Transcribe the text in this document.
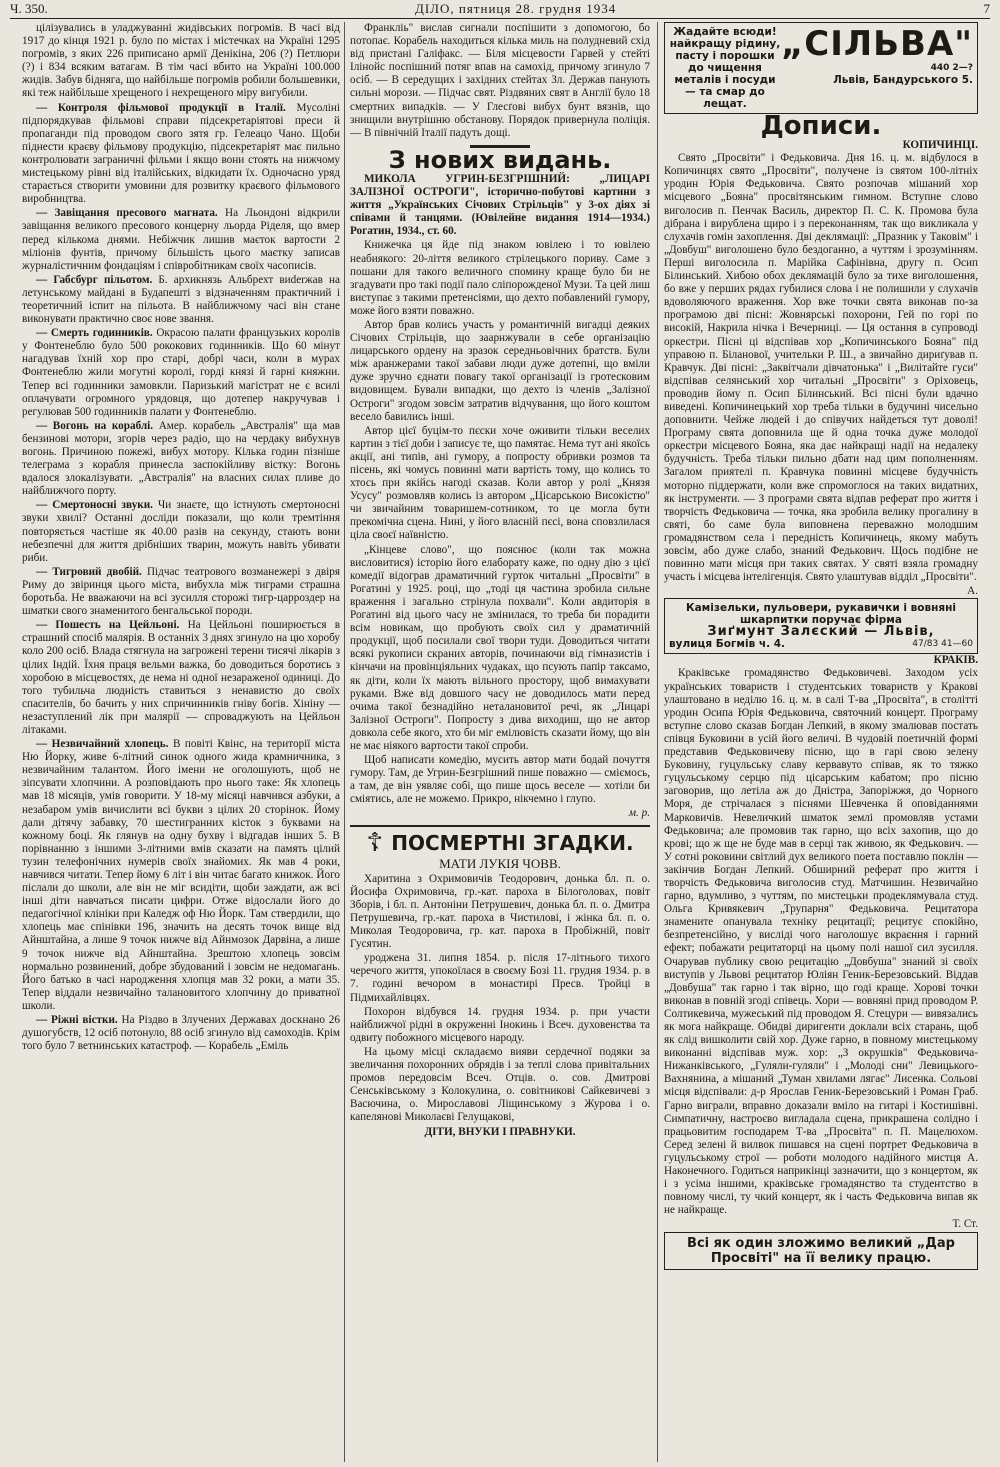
Ч. 350.	ДІЛО, пятниця 28. грудня 1934	7

цілізувались в уладжуванні жидівських погромів. В часі від 1917 до кінця 1921 р. було по містах і містечках на Україні 1295 погромів, з яких 226 приписано армії Денікіна, 206 (?) Петлюри (?) і 834 всяким ватагам. В тім часі вбито на Україні 100.000 жидів. Забув бідняга, що найбільше погромів робили большевики, які теж найбільше хрещеного і нехрещеного міру вигубили.

— Контроля фільмової продукції в Італії. Мусоліні підпорядкував фільмові справи підсекретаріятові преси й пропаганди під проводом свого зятя гр. Гелеацо Чано. Щоби піднести краєву фільмову продукцію, підсекретаріят має пильно контролювати заграничні фільми і якщо вони стоять на нижчому мистецькому рівні від італійських, відкидати їх. Одночасно уряд старається створити умовини для розвитку краєвого фільмового виробництва.

— Завіщання пресового магната. На Льондоні відкрили завіщання великого пресового концерну льорда Рiделя, що вмер перед кількома днями. Небіжчик лишив маєток вартости 2 мілiонів фунтів, причому більшість цього маєтку записав журналістичним фондаціям і співробітникам своїх часописів.

— Габсбург пільотом. Б. архикнязь Альбрехт виderжав на летунському майдані в Будапешті з відзначенням практичний і теоретичний іспит на пільота. В найближчому часі він стане виконувати практично своє нове звання.

— Смерть годинників. Окрасою палати французьких королів у Фонтенеблю було 500 рококових годинників. Що 60 мінут нагадував їхній хор про старі, добрі часи, коли в мурах Фонтенеблю жили могутні королі, горді князі й гарні княжни. Тепер всі годинники замовкли. Паризький магістрат не є всилі оплачувати огромного урядовця, що дотепер накручував і регулював 500 годинників палати у Фонтенеблю.

— Вогонь на кораблі. Амер. корабель „Австралія" ща мав бензинові мотори, згорів через радіо, що на чердаку вибухнув вогонь. Причиною пожежі, вибух мотору. Кілька годин пізніше телеграма з корабля принесла заспокійливу вістку: Вогонь вдалося злокалізувати. „Австралія" на власних силах пливе до найближчого порту.

— Смертоносні звуки. Чи знаєте, що істнують смертоносні звуки хвилі? Останні досліди показали, що коли тремтіння повторяється частіше як 40.00 разів на секунду, стають вони небезпечні для життя дрібніших тварин, можуть навіть убивати риби.

— Тигровий двобій. Підчас театрового возманежері з двіря Риму до звіринця цього міста, вибухла між тиграми страшна боротьба. Не вважаючи на всі зусилля сторожі тигр-царроздер на шматки свого знаменитого бенгальської породи.

— Пошесть на Цейльоні. На Цейльоні поширюється в страшний спосіб малярія. В останніх 3 днях згинуло на цю хоробу коло 200 осіб. Влада стягнула на загрожені терени тисячі лікарів з цілих Індій. Їхня праця вельми важка, бо доводиться боротись з хоробою в місцевостях, де нема ні одної незараженої одиниці. До того тубильча людність ставиться з ненавистю до своїх спасителів, бо бачить у них спричинників гніву богів. Хініну — незаступлений лік при малярії — спроваджують на Цейльон літаками.

— Незвичайний хлопець. В повіті Квінс, на території міста Ню Йорку, живе 6-літний синок одного жида крамничника, з незвичайним талантом. Його імени не оголошують, щоб не зіпсувати хлопчини. А розповідають про нього таке: Як хлопець мав 18 місяців, умів говорити. У 18-му місяці навчився азбуки, а незабаром умів вичислити всі букви з цілих 20 сторінок. Йому дали дітячу забавку, 70 шестигранних кісток з буквами на кожному боці. Як глянув на одну бухву і відгадав інших 5. В порівнанню з іншими 3-літними вмів сказати на память цілий тузин телефонічних нумерів своїх знайомих. Як мав 4 роки, навчився читати. Тепер йому 6 літ і він читає багато книжок. Його післали до школи, але він не міг всидіти, щоби заждати, аж всі інші діти навчаться писати цифри. Отже відослали його до педагогічної клініки при Каледж оф Ню Йорк. Там ствердили, що хлопець має спінівки 196, значить на десять точок вище від Айнштайна, а лише 9 точок нижче від Айнмозок Дарвіна, а лише 9 точок нижче від Айнштайна. Зрештою хлопець зовсім нормально розвинений, добре збудований і зовсім не недомагань. Його батько в часі народження хлопця мав 32 роки, а мати 35. Тепер віддали незвичайно талановитого хлопчину до приватної школи.

— Ріжні вістки. На Різдво в Злучених Державах доскнано 26 душогубств, 12 осіб потонуло, 88 осіб згинуло від самоходів. Крім того було 7 ветнинських катастроф. — Корабель „Еміль

Франкліь" вислав сигнали поспішити з допомогою, бо потопає. Корабель находиться кілька миль на полудневий схід від пристані Галіфакс. — Біля місцевости Гарвей у стейті Ілінойс поспішний потяг впав на самохід, причому згинуло 7 осіб. — В середущих і західних стейтах Зл. Держав панують сильні морози. — Підчас свят. Різдвяних свят в Англії було 18 смертних випадків. — У Глесґові вибух бунт вязнів, що знищили внутрішню обстанову. Порядок привернула поліція. — В північній Італії падуть дощі.

З нових видань.

МИКОЛА УГРИН-БЕЗГРІШНИЙ: „ЛИЦАРІ ЗАЛІЗНОЇ ОСТРОГИ", історично-побутові картини з життя „Українських Січових Стрільців" у 3-ох діях зі співами й танцями. (Ювілейне видання 1914—1934.) Рогатин, 1934., ст. 60.

Книжечка ця йде під знаком ювілею і то ювілею неабиякого: 20-ліття великого стрілецького пориву. Саме з пошани для такого величного спомину краще було би не згадувати про такі події пало сліпорожденої Музи. Та цей лиш виступає з такими претенсіями, що дехто побавленийі гумору, може його взяти поважно.

Автор брав колись участь у романтичній вигадці деяких Січових Стрільців, що заарнжували в себе організацію лицарського ордену на зразок середньовічних братств. Були між аранжерами такої забави люди дуже дотепні, що вміли дуже зручно єднати повагу такої організації із гротесковим видовищем. Бували випадки, що дехто із членів „Залізної Остроги" згодом зовсім затратив відчування, що його коштом весело бавились інші.

Автор цієї буцім-то пєски хоче оживити тільки веселих картин з тієї доби і записує те, що памятає. Нема тут ані якоїсь акції, ані типів, ані гумору, а попросту обривки розмов та пісень, які чомусь повинні мати вартість тому, що колись то хтось при якійсь нагоді сказав. Коли автор у ролі „Князя Усусу" розмовляв колись із автором „Цісарською Високістю" чи звичайним товаришем-сотником, то це могла бути прекомічна сцена. Нині, у його власній пєсі, вона сповзлилася ціла своєї наївністю.

„Кінцеве слово", що пояснює (коли так можна висловитися) історію його елаборату каже, по одну дію з цієї комедії відограв драматичний гурток читальні „Просвіти" в Рогатині у 1925. році, що „тоді ця частина зробила сильне враження і загально стрінула похвали". Коли авдиторія в Рогатині від цього часу не змінилася, то треба би порадити всім новикам, що пробують своїх сил у драматичній продукції, щоб посилали свої твори туди. Доводиться читати всякі рукописи скраних авторів, починаючи від гімназистів і кінчачи на провінціяльних чудаках, що псують папір таксамо, як діти, коли їх мають вільного простору, щоб вимахувати руками. Вже від довшого часу не доводилось мати перед очима такої безнадійно неталановитої речі, як „Лицарі Залізної Остроги". Попросту з дива виходиш, що не автор довкола себе якого, хто би міг емілювість сказати йому, що він не має ніякого вартости такої спроби.

Щоб написати комедію, мусить автор мати бодай почуття гумору. Там, де Угрин-Безгрішний пише поважно — сміємось, а там, де він уявляє собі, що пише щось веселе — хотіли би сміятись, але не можемо. Прикро, нікчемно і глупо.

м. р.
☦ ПОСМЕРТНІ ЗГАДКИ.
МАТИ ЛУКІЯ ЧОВВ.

Харитина з Охримовичів Теодорович, донька бл. п. о. Йосифа Охримовича, гр.-кат. пароха в Білоголовах, повіт Зборів, і бл. п. Антоніни Петрушевич, донька бл. п. о. Дмитра Петрушевича, гр.-кат. пароха в Чистилові, і жінка бл. п. о. Миколая Теодоровича, гр. кат. пароха в Пробіжній, повіт Гусятин.

уроджена 31. липня 1854. р. після 17-літнього тихого черечого життя, упокоїлася в своєму Бозі 11. грудня 1934. р. в 7. годині вечором в монастирі Пресв. Тройці в Підмихайлівцях.

Похорон відбувся 14. грудня 1934. р. при участи найближчої рідні в окруженні Інокинь і Всеч. духовенства та одвиту побожного місцевого народу.

На цьому місці складаємо вияви сердечної подяки за звеличання похоронних обрядів і за теплі слова привітальних промов передовсім Всеч. Отців. о. сов. Дмитрові Сенськівському з Колокулина, о. совітникові Сайкевичеві з Васючина, о. Мирославові Ліщинському з Журова і о. капелянові Миколаєві Гелущакові,

ДІТИ, ВНУКИ І ПРАВНУКИ.
Жадайте всюди!
найкращу рідину, пасту і порошки до чищення металів і посуди — та смар до лещат.
„СІЛЬВА"
440 2—?
Львів, Бандурського 5.
Дописи.
КОПИЧИНЦІ.

Свято „Просвіти" і Федьковича. Дня 16. ц. м. відбулося в Копичинцях свято „Просвіти", получене із святом 100-літніх уродин Юрія Федьковича. Свято розпочав мішаний хор місцевого „Бояна" просвітянським гимном. Вступне слово виголосив п. Пенчак Василь, директор П. С. К. Промова була дібрана і вирублена щиро і з переконанням, так що викликала у слухачів гомін захоплення. Дві деклямації: „Празник у Таковім" і „Довбуш" виголошено було бездоганно, а чуттям і зрозумінням. Перші виголосила п. Марійка Сафінівна, другу п. Осип Білинський. Хибою обох деклямацій було за тихе виголошення, бо вже у перших рядах губилися слова і не полишили у слухачів вдоволяючого враження. Хор вже точки свята виконав по-за програмою дві пісні: Жовнярські похорони, Гей по горі по високій, Накрила нічка і Вечерниці. — Ця остання в супроводі оркестри. Пісні ці відспівав хор „Копичинського Бояна" під управою п. Біланової, учительки Р. Ш., а звичайно дириґував п. Кравчук. Дві пісні: „Заквітчали дівчатонька" і „Вилітайте гуси" відспівав селянський хор читальні „Просвіти" з Оріховець, проводив йому п. Осип Білинський. Всі пісні були вдачно виведені. Копичинецький хор треба тільки в будучині чисельно доповнити. Чейже людей і до співучих найдеться тут доволі! Програму свята доповнила ще й одна точка дуже молодої оркестри місцевого Бояна, яка дає найкращі надії на недалеку будучність. Треба тільки пильно дбати над цим пополненням. Загалом приятелі п. Кравчука повинні місцеве будучність моторно піддержати, коли вже спромоглося на таких видатних, як інструменти. — З програми свята відпав реферат про життя і творчість Федьковича — точка, яка зробила велику прогалину в святі, бо саме була виповнена переважно молодшим громадянством села і передність Копичинець, якому мабуть зовсім, або дуже слабо, знаний Федькович. Щось подібне не повинно мати місця при таких святах. У святі взяла громадну участь і місцева інтелігенція. Свято улаштував відділ „Просвіти".

А.
Камізельки, пульовери, рукавички і вовняні шкарпитки поручає фірма
Зиґмунт Залєский — Львів,
вулиця Богмів ч. 4.	47/83 41—60
КРАКІВ.

Краківське громадянство Федьковичеві. Заходом усіх українських товариств і студентських товариств у Кракові улаштовано в неділю 16. ц. м. в салі Т-ва „Просвіта", в столітті уродин Осипа Юрія Федьковича, святочний концерт. Програму вступне слово сказав Богдан Лепкий, в якому змалював постать співця Буковини в усій його величі. В чудовій поетичній формі представив Федьковичеву пісню, що в гарі свою зелену Буковину, гуцульську славу кервавуто співав, як то тяжко гуцульському серцю під цісарським кабатом; про пісню заговорив, що летіла аж до Дністра, Запоріжжя, до Чорного Моря, де стрічалася з піснями Шевченка й оповіданнями Марковичів. Невеличкий шматок землі промовляв устами Федьковича; але промовив так гарно, що всіх захопив, що до крові; що ж ще не буде мав в серці так живою, як Федькович. — У сотні роковини світлий дух великого поета поставлю поклін — закінчив Богдан Лепкий. Обширний реферат про життя і творчість Федьковича виголосив студ. Матчишин. Незвичайно гарно, вдумливо, з чуттям, по мистецьки продеклямувала студ. Ольга Кривякевич „Трупарня" Федьковича. Рецитатора знамените опанувала техніку рецитації; рецитує спокійно, безпретенсійно, у висліді чого наголошує вкраєння і гарний ефект; побажати рецитаторці на цьому полі нашої сил зусилля. Очарував публику свою рецитацію „Довбуша" знаний зі своїх виступів у Львові рецитатор Юліян Геник-Березовський. Віддав „Довбуша" так гарно і так вірно, що годі краще. Хорові точки виконав в повній згоді співець. Хори — вовняні прид проводом Р. Солтикевича, мужеський під проводом Я. Стецури — вивязались як мога найкраще. Обидві диригенти доклали всіх старань, щоб як слід вишколити свій хор. Дуже гарно, в повному мистецькому виконанні відспівав муж. хор: „З окрушків" Федьковича-Нижанківського, „Гуляли-гуляли" і „Молоді сни" Левицького-Вахнянина, а мішаний „Туман хвилами лягає" Лисенка. Сольові місця відспівали: д-р Ярослав Геник-Березовський і Роман Граб. Гарно виграли, вправно доказали вміло на гитарі і Костишівні. Симпатичну, настроєво вигладала сцена, прикрашена солідно і працьовитим господарем Т-ва „Просвіта" п. П. Мацелюхом. Серед зелені й вилвок пишався на сцені портрет Федьковича в гуцульському строї — роботи молодого надійного мистця А. Наконечного. Годиться наприкінці зазначити, що з концертом, як і з усіма іншими, краківське громадянство та студентство в повному числі, ту чкий концерт, як і часть Федьковича випав як не найкраще.

Т. Ст.
Всі як один зложимо великий „Дар Просвіті" на її велику працю.
